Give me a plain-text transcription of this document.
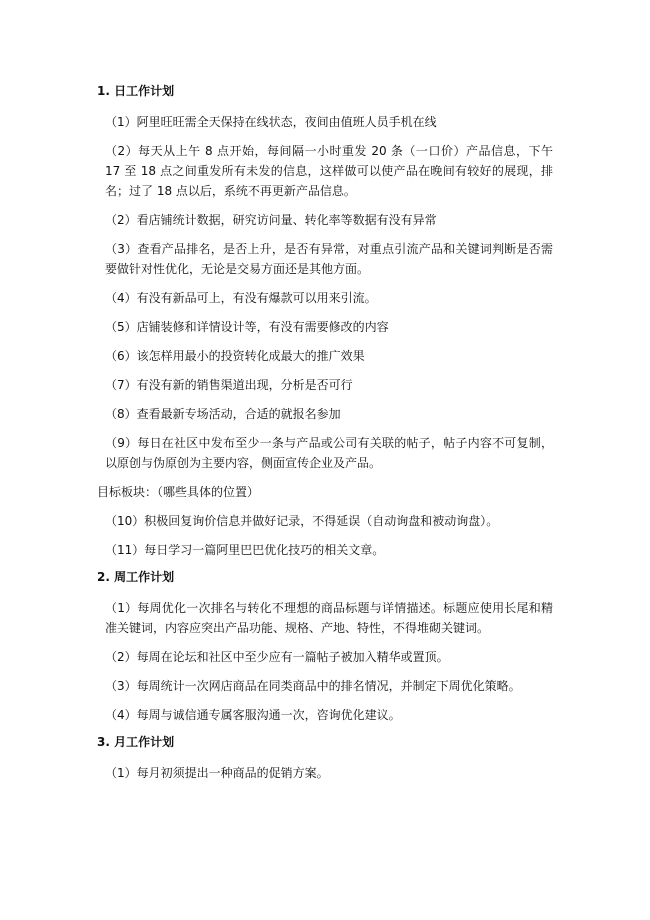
1. 日工作计划
（1）阿里旺旺需全天保持在线状态，夜间由值班人员手机在线
（2）每天从上午 8 点开始，每间隔一小时重发 20 条（一口价）产品信息，下午 17 至 18 点之间重发所有未发的信息，这样做可以使产品在晚间有较好的展现，排名；过了 18 点以后，系统不再更新产品信息。
（2）看店铺统计数据，研究访问量、转化率等数据有没有异常
（3）查看产品排名，是否上升，是否有异常，对重点引流产品和关键词判断是否需要做针对性优化，无论是交易方面还是其他方面。
（4）有没有新品可上，有没有爆款可以用来引流。
（5）店铺装修和详情设计等，有没有需要修改的内容
（6）该怎样用最小的投资转化成最大的推广效果
（7）有没有新的销售渠道出现，分析是否可行
（8）查看最新专场活动，合适的就报名参加
（9）每日在社区中发布至少一条与产品或公司有关联的帖子，帖子内容不可复制，以原创与伪原创为主要内容，侧面宣传企业及产品。
目标板块：（哪些具体的位置）
（10）积极回复询价信息并做好记录，不得延误（自动询盘和被动询盘）。
（11）每日学习一篇阿里巴巴优化技巧的相关文章。
2. 周工作计划
（1）每周优化一次排名与转化不理想的商品标题与详情描述。标题应使用长尾和精准关键词，内容应突出产品功能、规格、产地、特性，不得堆砌关键词。
（2）每周在论坛和社区中至少应有一篇帖子被加入精华或置顶。
（3）每周统计一次网店商品在同类商品中的排名情况，并制定下周优化策略。
（4）每周与诚信通专属客服沟通一次，咨询优化建议。
3. 月工作计划
（1）每月初须提出一种商品的促销方案。
